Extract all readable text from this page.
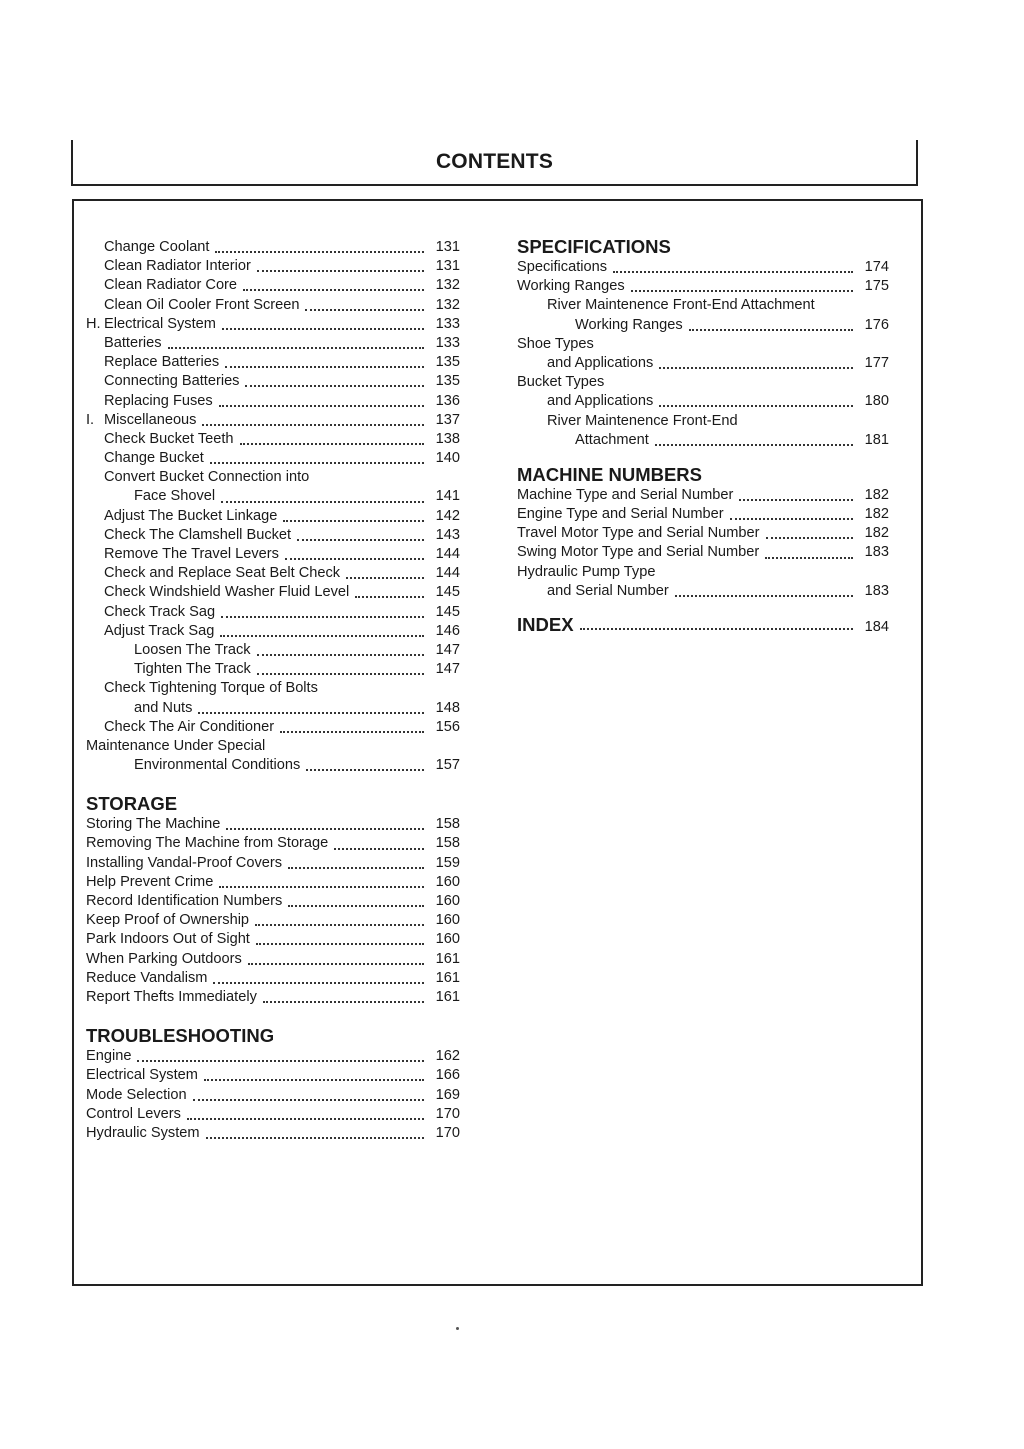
CONTENTS
Change Coolant	131
Clean Radiator Interior	131
Clean Radiator Core	132
Clean Oil Cooler Front Screen	132
H. Electrical System	133
Batteries	133
Replace Batteries	135
Connecting Batteries	135
Replacing Fuses	136
I. Miscellaneous	137
Check Bucket Teeth	138
Change Bucket	140
Convert Bucket Connection into
Face Shovel	141
Adjust The Bucket Linkage	142
Check The Clamshell Bucket	143
Remove The Travel Levers	144
Check and Replace Seat Belt Check	144
Check Windshield Washer Fluid Level	145
Check Track Sag	145
Adjust Track Sag	146
Loosen The Track	147
Tighten The Track	147
Check Tightening Torque of Bolts
and Nuts	148
Check The Air Conditioner	156
Maintenance Under Special
Environmental Conditions	157
STORAGE
Storing The Machine	158
Removing The Machine from Storage	158
Installing Vandal-Proof Covers	159
Help Prevent Crime	160
Record Identification Numbers	160
Keep Proof of Ownership	160
Park Indoors Out of Sight	160
When Parking Outdoors	161
Reduce Vandalism	161
Report Thefts Immediately	161
TROUBLESHOOTING
Engine	162
Electrical System	166
Mode Selection	169
Control Levers	170
Hydraulic System	170
SPECIFICATIONS
Specifications	174
Working Ranges	175
River Maintenence Front-End Attachment
Working Ranges	176
Shoe Types
and Applications	177
Bucket Types
and Applications	180
River Maintenence Front-End
Attachment	181
MACHINE NUMBERS
Machine Type and Serial Number	182
Engine Type and Serial Number	182
Travel Motor Type and Serial Number	182
Swing Motor Type and Serial Number	183
Hydraulic Pump Type
and Serial Number	183
INDEX	184
